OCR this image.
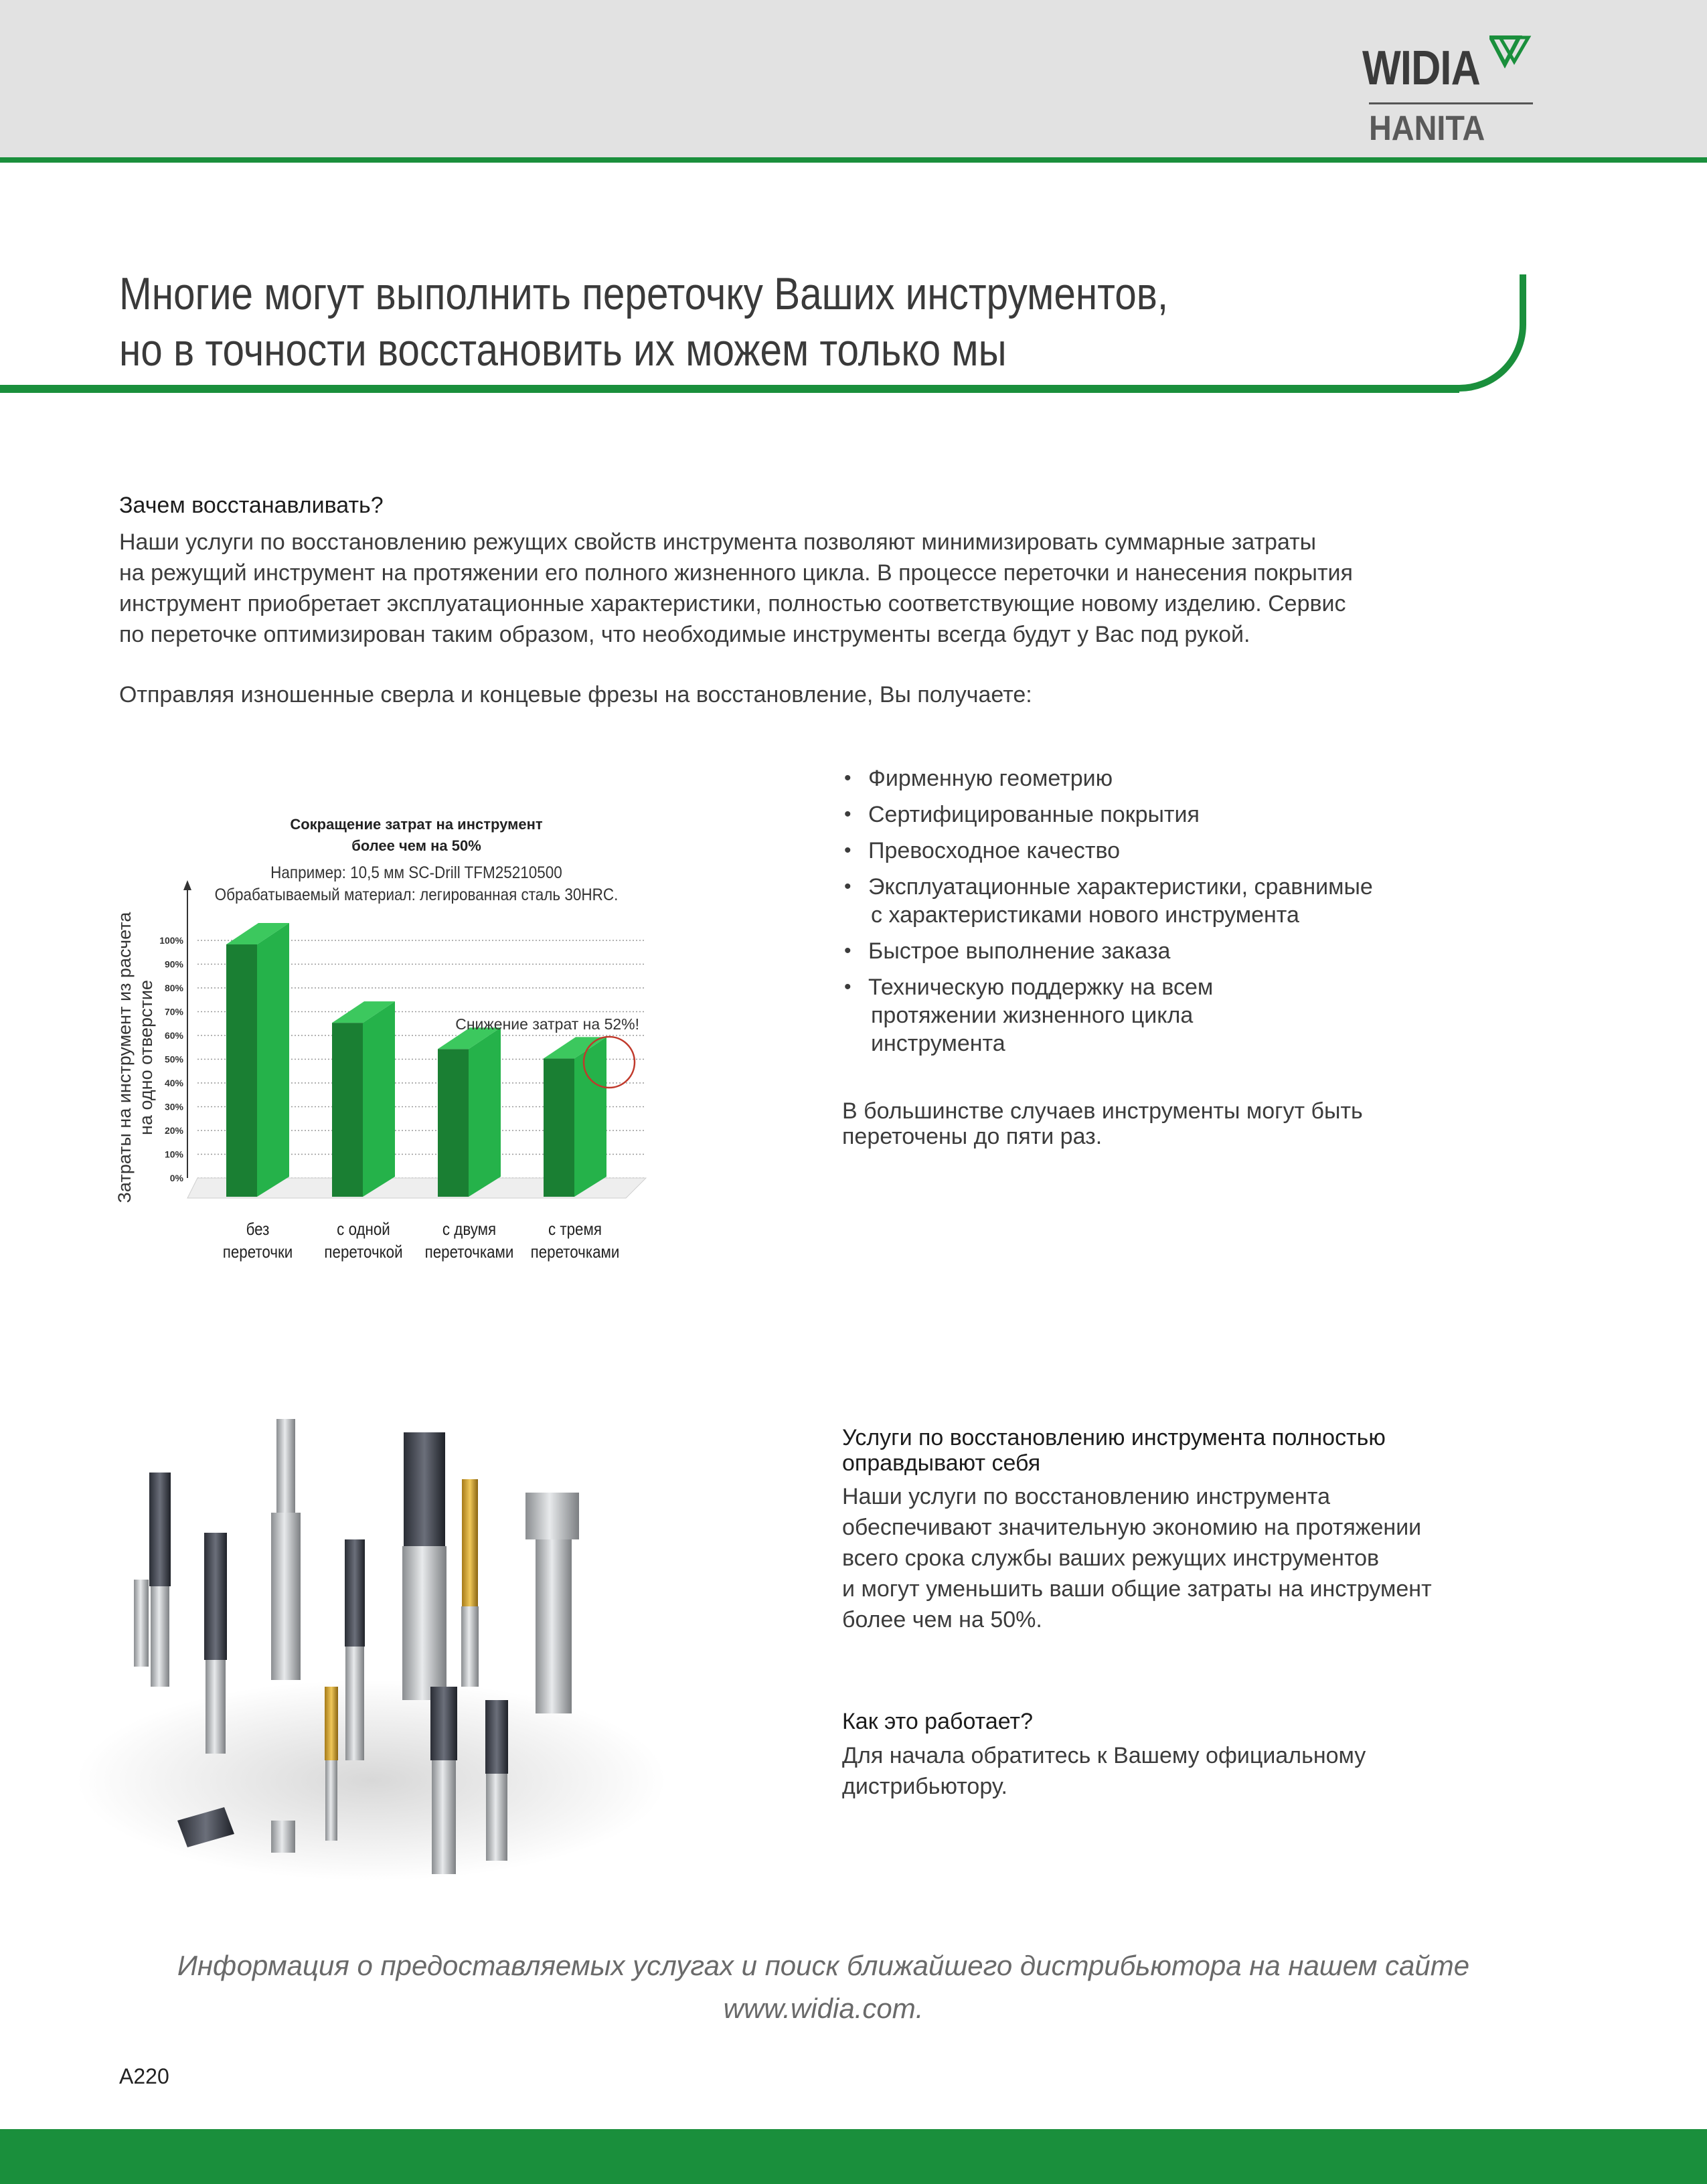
WIDIA
HANITA
Многие могут выполнить переточку Ваших инструментов,
но в точности восстановить их можем только мы
Зачем восстанавливать?
Наши услуги по восстановлению режущих свойств инструмента позволяют минимизировать суммарные затраты
на режущий инструмент на протяжении его полного жизненного цикла. В процессе переточки и нанесения покрытия
инструмент приобретает эксплуатационные характеристики, полностью соответствующие новому изделию. Сервис
по переточке оптимизирован таким образом, что необходимые инструменты всегда будут у Вас под рукой.
Отправляя изношенные сверла и концевые фрезы на восстановление, Вы получаете:
Сокращение затрат на инструмент
более чем на 50%
Например: 10,5 мм SC-Drill TFM25210500
Обрабатываемый материал: легированная сталь 30HRC.
Затраты на инструмент из расчета на одно отверстие
100%
90%
80%
70%
60%
50%
40%
30%
20%
10%
0%
без
переточки
с одной
переточкой
с двумя
переточками
с тремя
переточками
Снижение затрат на 52%!
• Фирменную геометрию
• Сертифицированные покрытия
• Превосходное качество
• Эксплуатационные характеристики, сравнимые
с характеристиками нового инструмента
• Быстрое выполнение заказа
• Техническую поддержку на всем
протяжении жизненного цикла
инструмента
В большинстве случаев инструменты могут быть
переточены до пяти раз.
Услуги по восстановлению инструмента полностью
оправдывают себя
Наши услуги по восстановлению инструмента
обеспечивают значительную экономию на протяжении
всего срока службы ваших режущих инструментов
и могут уменьшить ваши общие затраты на инструмент
более чем на 50%.
Как это работает?
Для начала обратитесь к Вашему официальному
дистрибьютору.
Информация о предоставляемых услугах и поиск ближайшего дистрибьютора на нашем сайте
www.widia.com.
A220
